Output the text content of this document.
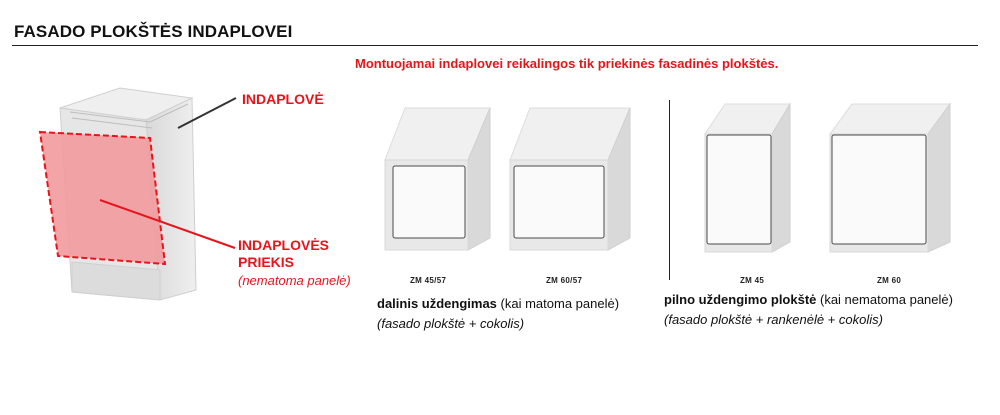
FASADO PLOKŠTĖS INDAPLOVEI
Montuojamai indaplovei reikalingos tik priekinės fasadinės plokštės.
INDAPLOVĖ
INDAPLOVĖS
PRIEKIS
(nematoma panelė)	ZM 45/57	ZM 60/57	ZM 45	ZM 60
dalinis uždengimas (kai matoma panelė)
(fasado plokštė + cokolis)
pilno uždengimo plokštė (kai nematoma panelė)
(fasado plokštė + rankenėlė + cokolis)
